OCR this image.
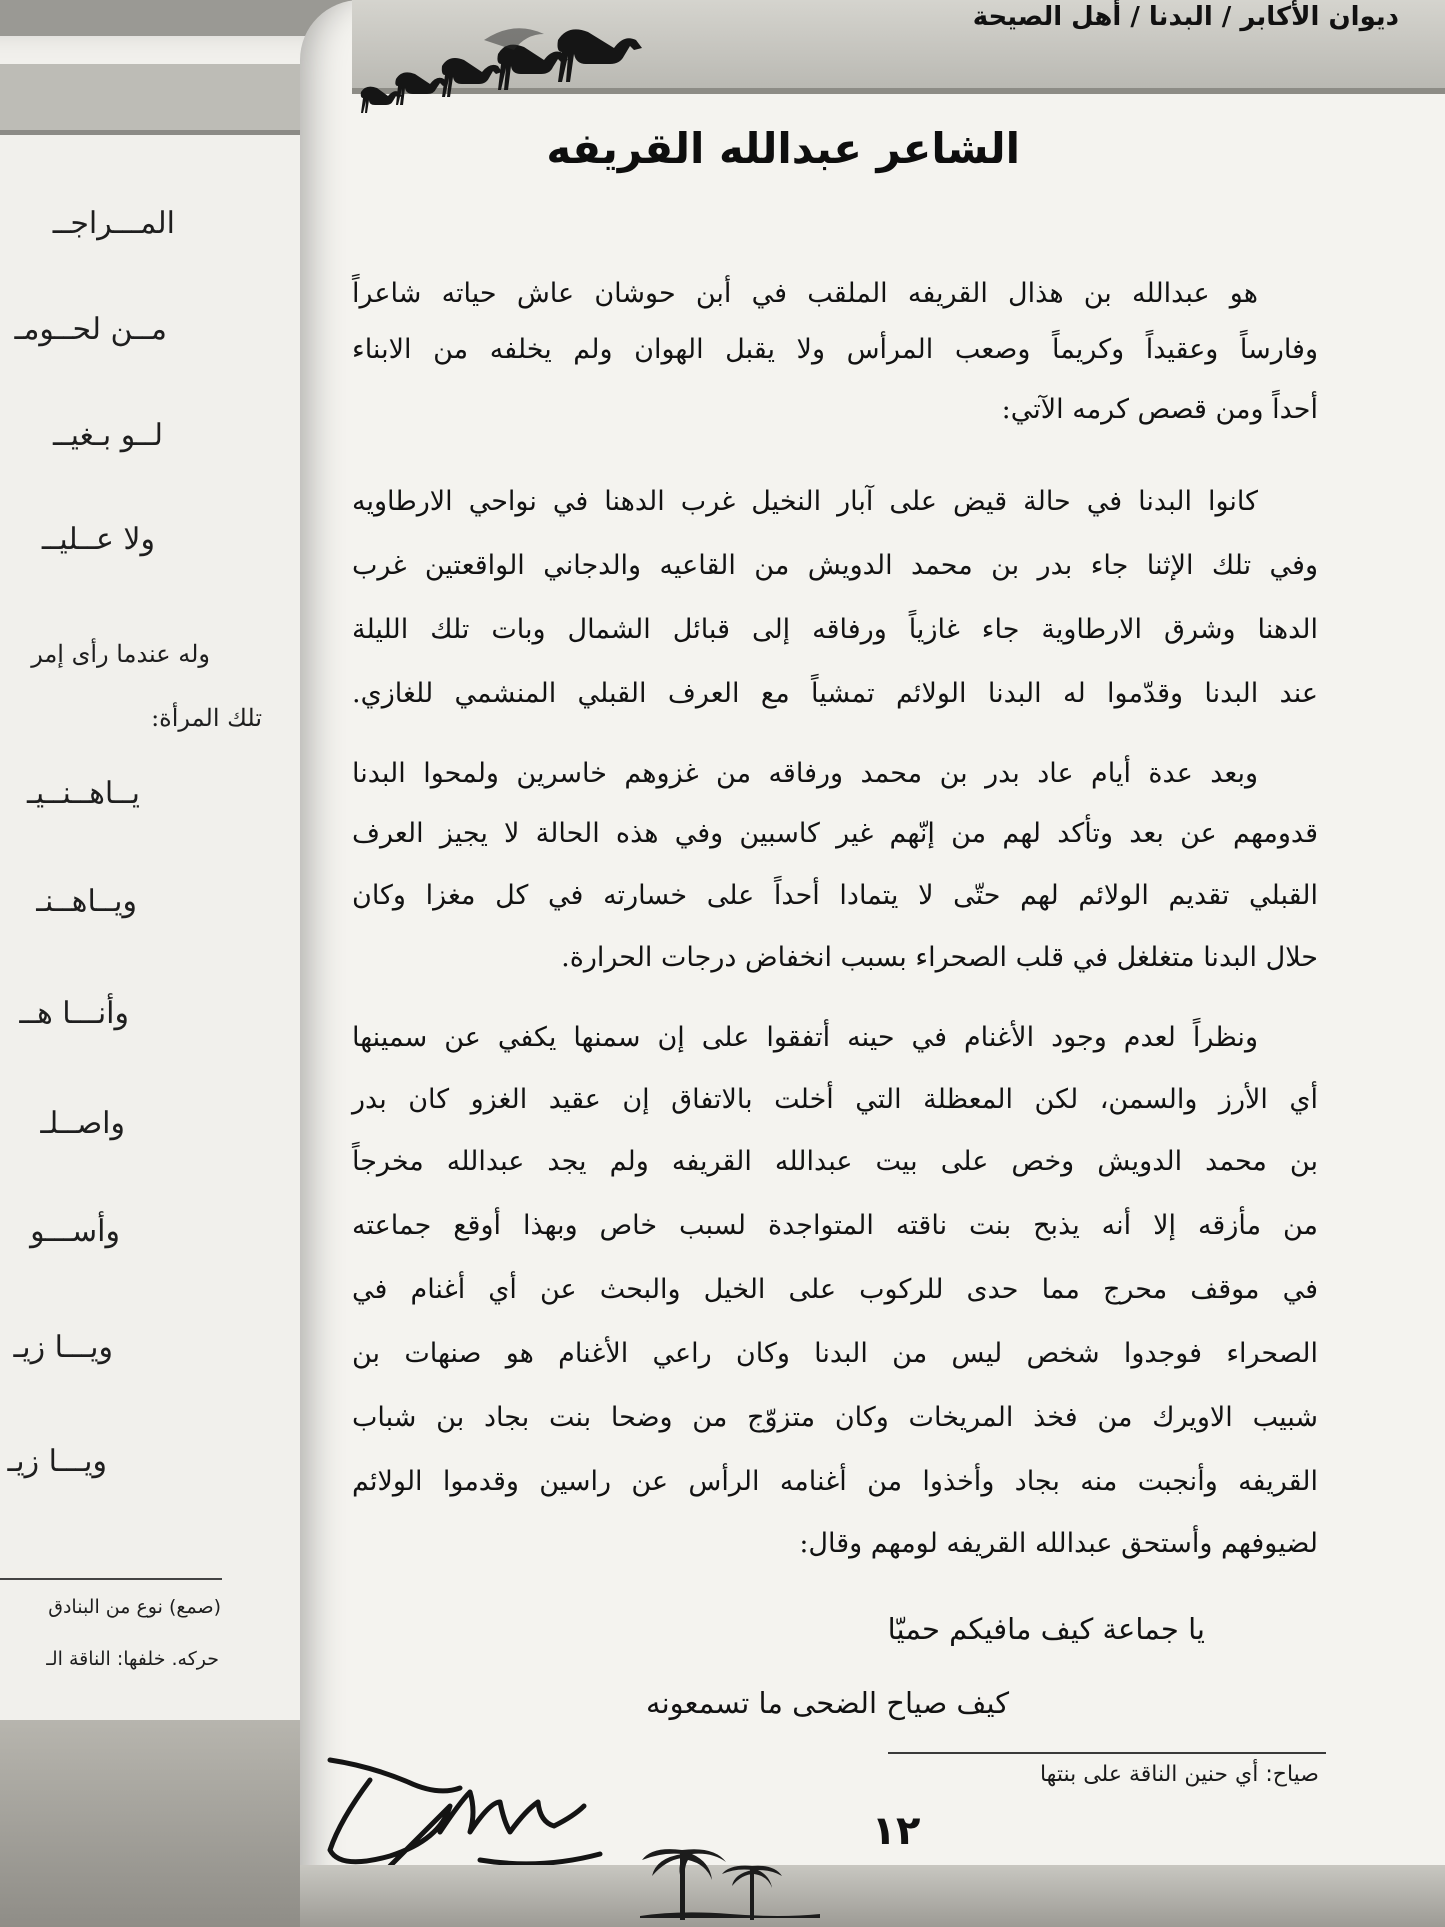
المـــراجــ
مــن لحــومـ
لــو بـغيــ
ولا عــليــ
وله عندما رأى إمر
تلك المرأة:
يــاهــنــيـ
ويــاهــنـ
وأنـــا هــ
واصــلـ
وأســـو
ويـــا زيـ
ويـــا زيـ
(صمع) نوع من البنادق
حركه. خلفها: الناقة الـ
ديوان الأكابر / البدنا / أهل الصيحة
الشاعر عبدالله القريفه
هو عبدالله بن هذال القريفه الملقب في أبن حوشان عاش حياته شاعراً
وفارساً وعقيداً وكريماً وصعب المرأس ولا يقبل الهوان ولم يخلفه من الابناء
أحداً ومن قصص كرمه الآتي:
كانوا البدنا في حالة قيض على آبار النخيل غرب الدهنا في نواحي الارطاويه
وفي تلك الإثنا جاء بدر بن محمد الدويش من القاعيه والدجاني الواقعتين غرب
الدهنا وشرق الارطاوية جاء غازياً ورفاقه إلى قبائل الشمال وبات تلك الليلة
عند البدنا وقدّموا له البدنا الولائم تمشياً مع العرف القبلي المنشمي للغازي.
وبعد عدة أيام عاد بدر بن محمد ورفاقه من غزوهم خاسرين ولمحوا البدنا
قدومهم عن بعد وتأكد لهم من إنّهم غير كاسبين وفي هذه الحالة لا يجيز العرف
القبلي تقديم الولائم لهم حتّى لا يتمادا أحداً على خسارته في كل مغزا وكان
حلال البدنا متغلغل في قلب الصحراء بسبب انخفاض درجات الحرارة.
ونظراً لعدم وجود الأغنام في حينه أتفقوا على إن سمنها يكفي عن سمينها
أي الأرز والسمن، لكن المعظلة التي أخلت بالاتفاق إن عقيد الغزو كان بدر
بن محمد الدويش وخص على بيت عبدالله القريفه ولم يجد عبدالله مخرجاً
من مأزقه إلا أنه يذبح بنت ناقته المتواجدة لسبب خاص وبهذا أوقع جماعته
في موقف محرج مما حدى للركوب على الخيل والبحث عن أي أغنام في
الصحراء فوجدوا شخص ليس من البدنا وكان راعي الأغنام هو صنهات بن
شبيب الاويرك من فخذ المريخات وكان متزوّج من وضحا بنت بجاد بن شباب
القريفه وأنجبت منه بجاد وأخذوا من أغنامه الرأس عن راسين وقدموا الولائم
لضيوفهم وأستحق عبدالله القريفه لومهم وقال:
يا جماعة كيف مافيكم حميّا
كيف صياح الضحى ما تسمعونه
صياح: أي حنين الناقة على بنتها
١٢
